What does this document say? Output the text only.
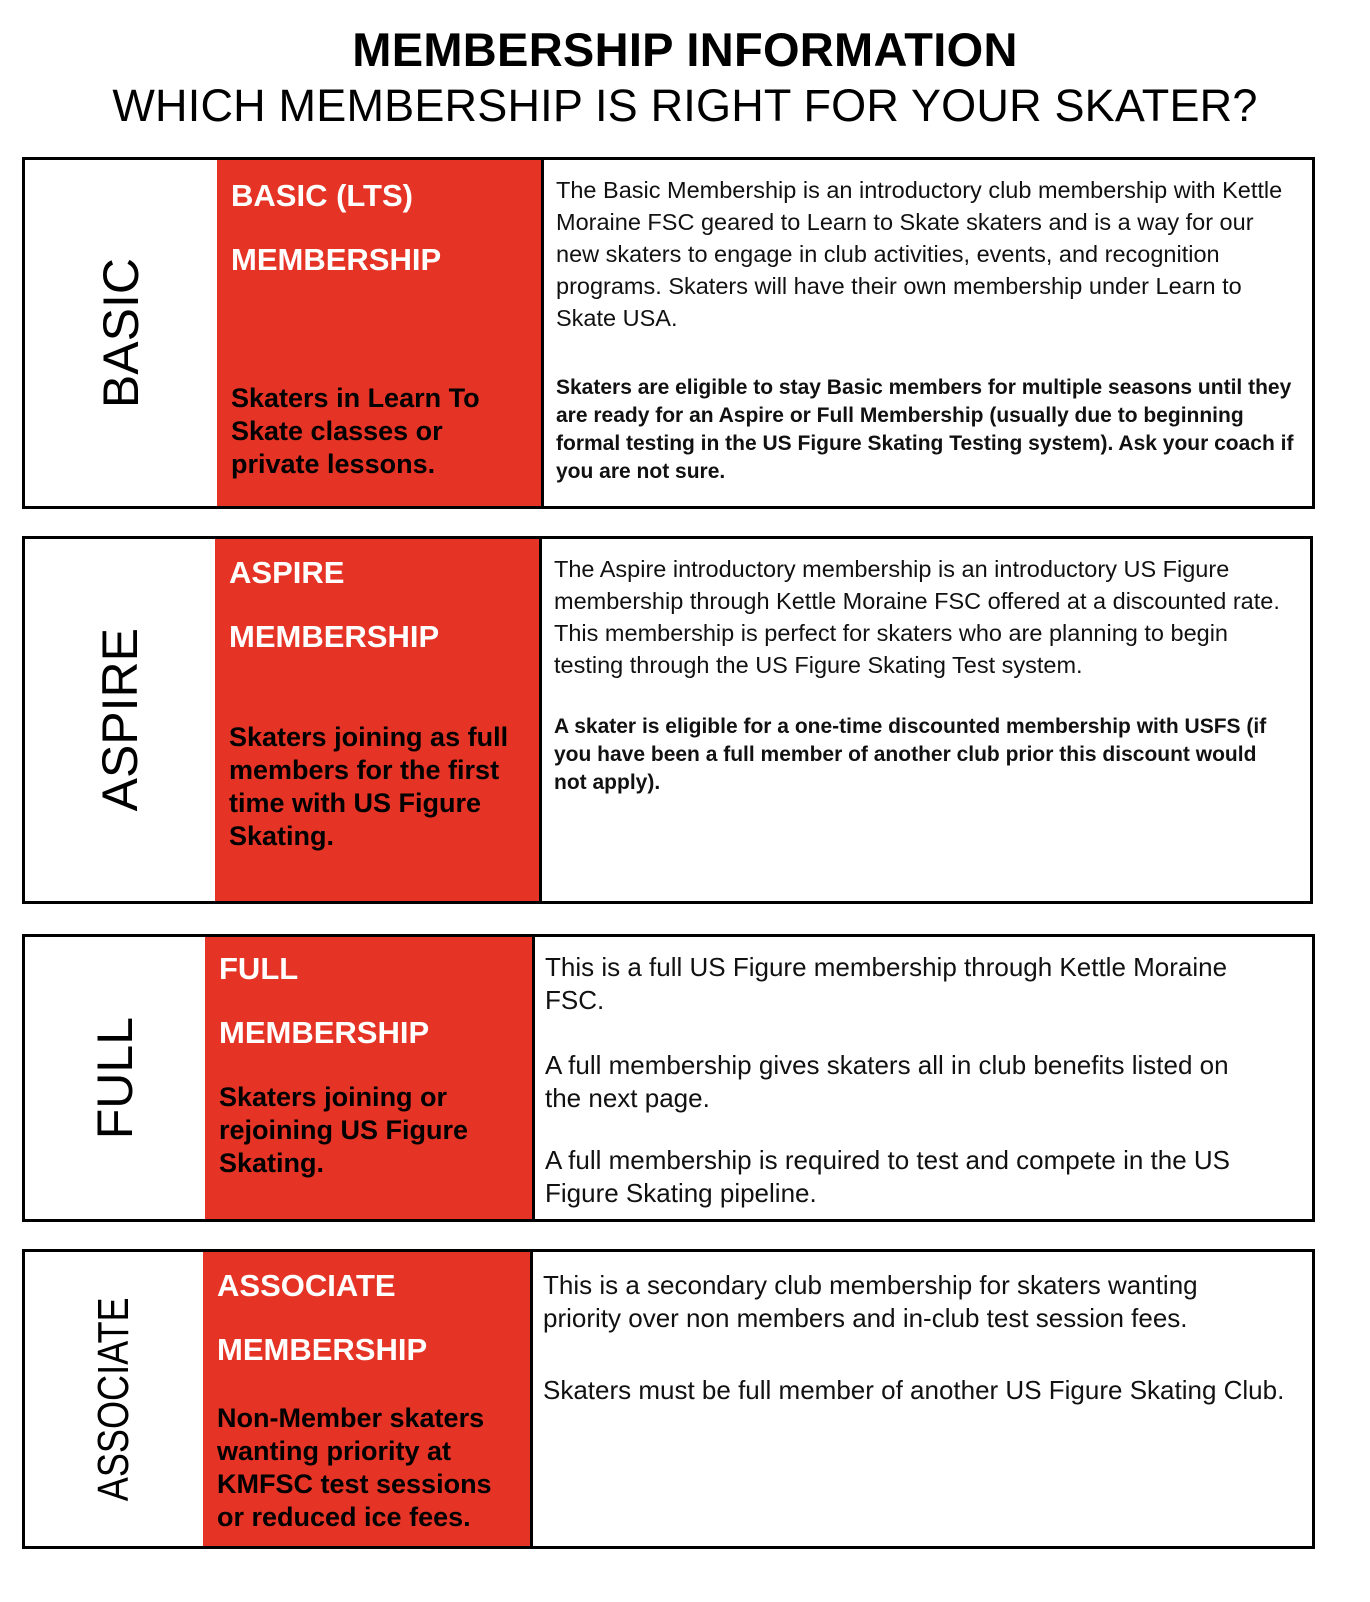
MEMBERSHIP INFORMATION
WHICH MEMBERSHIP IS RIGHT FOR YOUR SKATER?
BASIC
BASIC (LTS)
MEMBERSHIP
Skaters in Learn To Skate classes or private lessons.

The Basic Membership is an introductory club membership with Kettle Moraine FSC geared to Learn to Skate skaters and is a way for our new skaters to engage in club activities, events, and recognition programs. Skaters will have their own membership under Learn to Skate USA.

Skaters are eligible to stay Basic members for multiple seasons until they are ready for an Aspire or Full Membership (usually due to beginning formal testing in the US Figure Skating Testing system). Ask your coach if you are not sure.

ASPIRE
ASPIRE
MEMBERSHIP
Skaters joining as full members for the first time with US Figure Skating.

The Aspire introductory membership is an introductory US Figure membership through Kettle Moraine FSC offered at a discounted rate. This membership is perfect for skaters who are planning to begin testing through the US Figure Skating Test system.

A skater is eligible for a one-time discounted membership with USFS (if you have been a full member of another club prior this discount would not apply).

FULL
FULL
MEMBERSHIP
Skaters joining or rejoining US Figure Skating.

This is a full US Figure membership through Kettle Moraine FSC.

A full membership gives skaters all in club benefits listed on the next page.

A full membership is required to test and compete in the US Figure Skating pipeline.

ASSOCIATE
ASSOCIATE
MEMBERSHIP
Non-Member skaters wanting priority at KMFSC test sessions or reduced ice fees.

This is a secondary club membership for skaters wanting priority over non members and in-club test session fees.

Skaters must be full member of another US Figure Skating Club.
